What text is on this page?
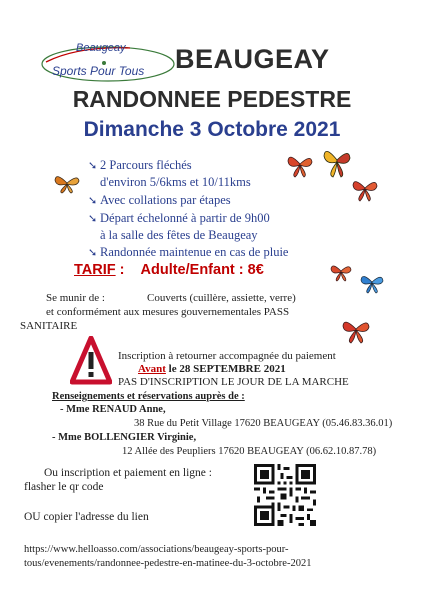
Beaugeay
Sports Pour Tous BEAUGEAY
RANDONNEE PEDESTRE
Dimanche 3 Octobre 2021
➘ 2 Parcours fléchés
d'environ 5/6kms et 10/11kms
➘ Avec collations par étapes
➘ Départ échelonné à partir de 9h00
à la salle des fêtes de Beaugeay
➘ Randonnée maintenue en cas de pluie
TARIF : Adulte/Enfant : 8€
Se munir de :	Couverts (cuillère, assiette, verre)
et conformément aux mesures gouvernementales PASS
SANITAIRE
Inscription à retourner accompagnée du paiement
Avant le 28 SEPTEMBRE 2021
PAS D'INSCRIPTION LE JOUR DE LA MARCHE
Renseignements et réservations auprès de :
- Mme RENAUD Anne,
38 Rue du Petit Village 17620 BEAUGEAY (05.46.83.36.01)
- Mme BOLLENGIER Virginie,
12 Allée des Peupliers 17620 BEAUGEAY (06.62.10.87.78)
Ou inscription et paiement en ligne :
flasher le qr code
OU copier l'adresse du lien
https://www.helloasso.com/associations/beaugeay-sports-pour-
tous/evenements/randonnee-pedestre-en-matinee-du-3-octobre-2021
